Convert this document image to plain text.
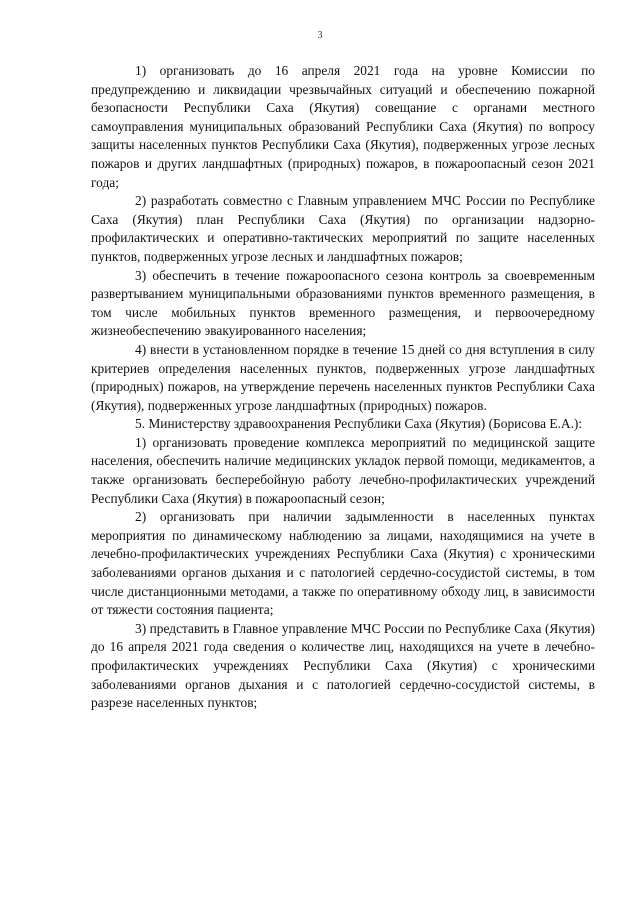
3

1) организовать до 16 апреля 2021 года на уровне Комиссии по предупреждению и ликвидации чрезвычайных ситуаций и обеспечению пожарной безопасности Республики Саха (Якутия) совещание с органами местного самоуправления муниципальных образований Республики Саха (Якутия) по вопросу защиты населенных пунктов Республики Саха (Якутия), подверженных угрозе лесных пожаров и других ландшафтных (природных) пожаров, в пожароопасный сезон 2021 года;

2) разработать совместно с Главным управлением МЧС России по Республике Саха (Якутия) план Республики Саха (Якутия) по организации надзорно-профилактических и оперативно-тактических мероприятий по защите населенных пунктов, подверженных угрозе лесных и ландшафтных пожаров;

3) обеспечить в течение пожароопасного сезона контроль за своевременным развертыванием муниципальными образованиями пунктов временного размещения, в том числе мобильных пунктов временного размещения, и первоочередному жизнеобеспечению эвакуированного населения;

4) внести в установленном порядке в течение 15 дней со дня вступления в силу критериев определения населенных пунктов, подверженных угрозе ландшафтных (природных) пожаров, на утверждение перечень населенных пунктов Республики Саха (Якутия), подверженных угрозе ландшафтных (природных) пожаров.

5. Министерству здравоохранения Республики Саха (Якутия) (Борисова Е.А.):

1) организовать проведение комплекса мероприятий по медицинской защите населения, обеспечить наличие медицинских укладок первой помощи, медикаментов, а также организовать бесперебойную работу лечебно-профилактических учреждений Республики Саха (Якутия) в пожароопасный сезон;

2) организовать при наличии задымленности в населенных пунктах мероприятия по динамическому наблюдению за лицами, находящимися на учете в лечебно-профилактических учреждениях Республики Саха (Якутия) с хроническими заболеваниями органов дыхания и с патологией сердечно-сосудистой системы, в том числе дистанционными методами, а также по оперативному обходу лиц, в зависимости от тяжести состояния пациента;

3) представить в Главное управление МЧС России по Республике Саха (Якутия) до 16 апреля 2021 года сведения о количестве лиц, находящихся на учете в лечебно-профилактических учреждениях Республики Саха (Якутия) с хроническими заболеваниями органов дыхания и с патологией сердечно-сосудистой системы, в разрезе населенных пунктов;
